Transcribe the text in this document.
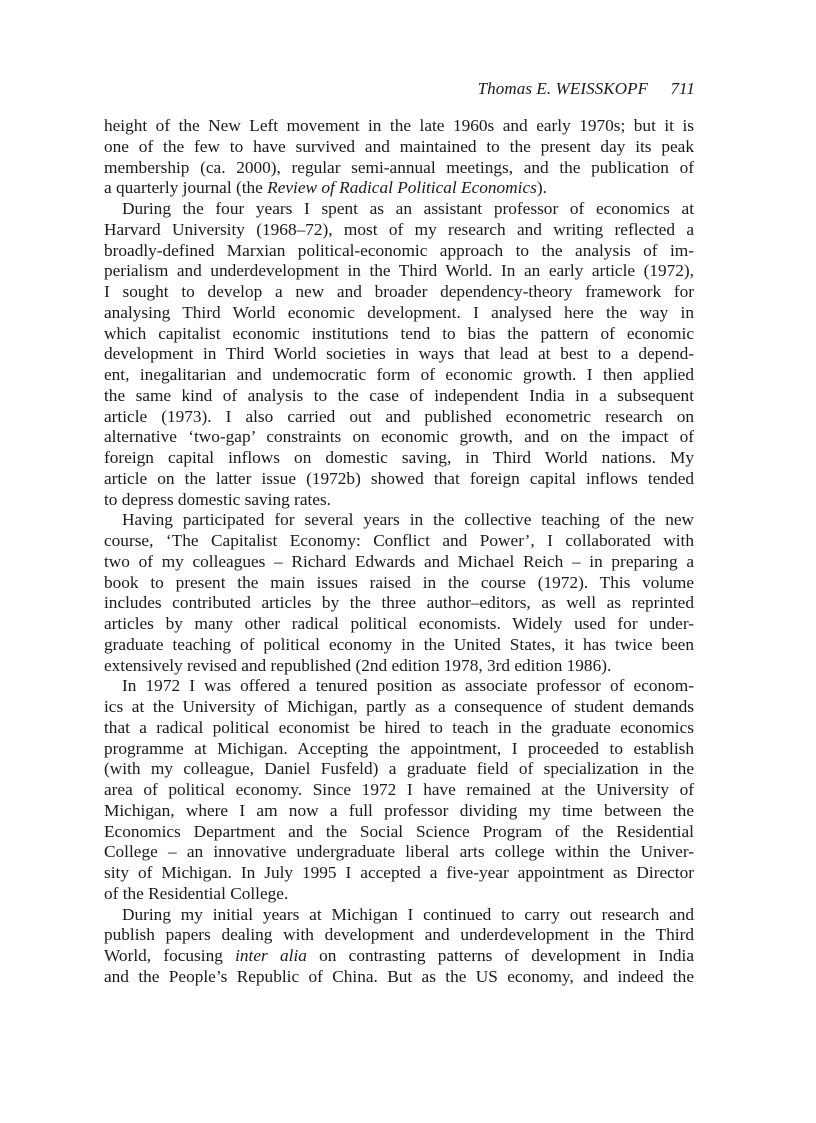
Thomas E. WEISSKOPF 711

height of the New Left movement in the late 1960s and early 1970s; but it is
one of the few to have survived and maintained to the present day its peak
membership (ca. 2000), regular semi-annual meetings, and the publication of
a quarterly journal (the Review of Radical Political Economics).

During the four years I spent as an assistant professor of economics at
Harvard University (1968–72), most of my research and writing reflected a
broadly-defined Marxian political-economic approach to the analysis of im-
perialism and underdevelopment in the Third World. In an early article (1972),
I sought to develop a new and broader dependency-theory framework for
analysing Third World economic development. I analysed here the way in
which capitalist economic institutions tend to bias the pattern of economic
development in Third World societies in ways that lead at best to a depend-
ent, inegalitarian and undemocratic form of economic growth. I then applied
the same kind of analysis to the case of independent India in a subsequent
article (1973). I also carried out and published econometric research on
alternative ‘two-gap’ constraints on economic growth, and on the impact of
foreign capital inflows on domestic saving, in Third World nations. My
article on the latter issue (1972b) showed that foreign capital inflows tended
to depress domestic saving rates.

Having participated for several years in the collective teaching of the new
course, ‘The Capitalist Economy: Conflict and Power’, I collaborated with
two of my colleagues – Richard Edwards and Michael Reich – in preparing a
book to present the main issues raised in the course (1972). This volume
includes contributed articles by the three author–editors, as well as reprinted
articles by many other radical political economists. Widely used for under-
graduate teaching of political economy in the United States, it has twice been
extensively revised and republished (2nd edition 1978, 3rd edition 1986).

In 1972 I was offered a tenured position as associate professor of econom-
ics at the University of Michigan, partly as a consequence of student demands
that a radical political economist be hired to teach in the graduate economics
programme at Michigan. Accepting the appointment, I proceeded to establish
(with my colleague, Daniel Fusfeld) a graduate field of specialization in the
area of political economy. Since 1972 I have remained at the University of
Michigan, where I am now a full professor dividing my time between the
Economics Department and the Social Science Program of the Residential
College – an innovative undergraduate liberal arts college within the Univer-
sity of Michigan. In July 1995 I accepted a five-year appointment as Director
of the Residential College.

During my initial years at Michigan I continued to carry out research and
publish papers dealing with development and underdevelopment in the Third
World, focusing inter alia on contrasting patterns of development in India
and the People’s Republic of China. But as the US economy, and indeed the
